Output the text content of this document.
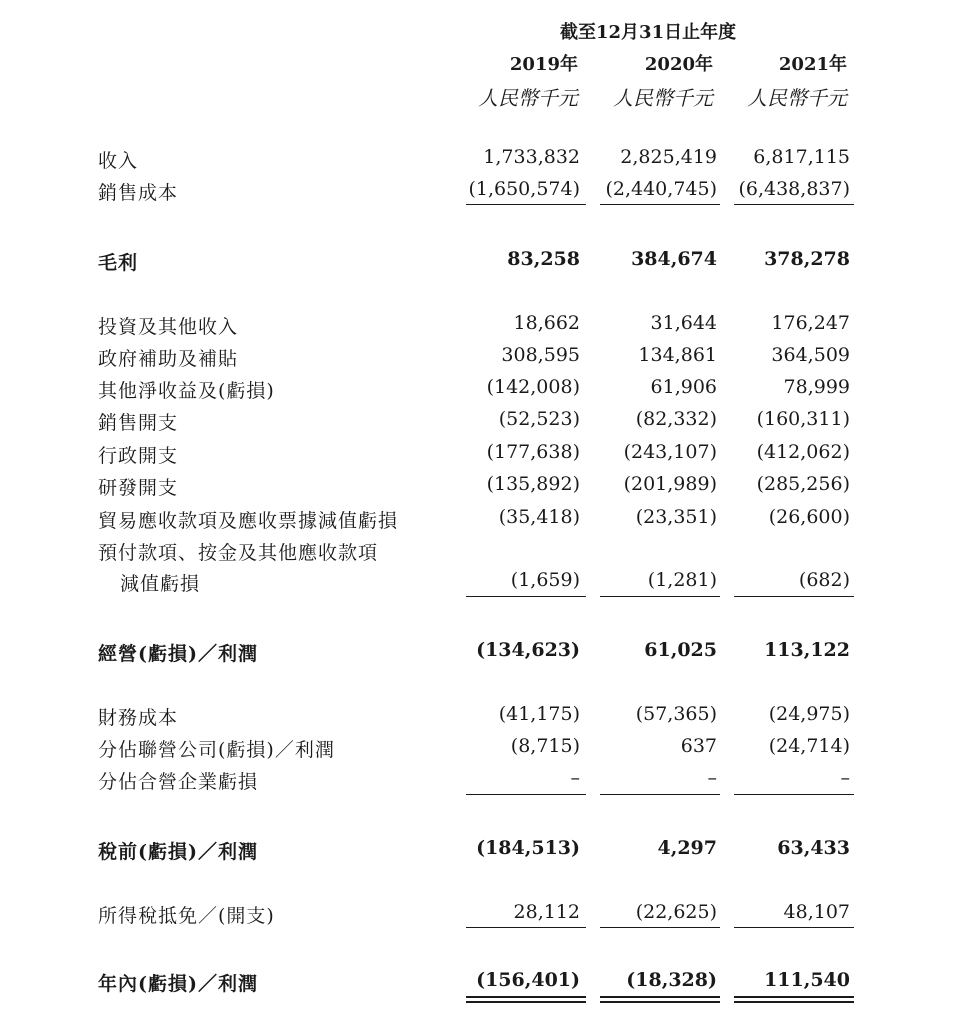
截至12月31日止年度
2019年	2020年	2021年
人民幣千元	人民幣千元	人民幣千元
收入	1,733,832	2,825,419	6,817,115
銷售成本	(1,650,574)	(2,440,745)	(6,438,837)
毛利	83,258	384,674	378,278
投資及其他收入	18,662	31,644	176,247
政府補助及補貼	308,595	134,861	364,509
其他淨收益及(虧損)	(142,008)	61,906	78,999
銷售開支	(52,523)	(82,332)	(160,311)
行政開支	(177,638)	(243,107)	(412,062)
研發開支	(135,892)	(201,989)	(285,256)
貿易應收款項及應收票據減值虧損	(35,418)	(23,351)	(26,600)
預付款項、按金及其他應收款項
減值虧損	(1,659)	(1,281)	(682)
經營(虧損)／利潤	(134,623)	61,025	113,122
財務成本	(41,175)	(57,365)	(24,975)
分佔聯營公司(虧損)／利潤	(8,715)	637	(24,714)
分佔合營企業虧損	–	–	–
稅前(虧損)／利潤	(184,513)	4,297	63,433
所得稅抵免／(開支)	28,112	(22,625)	48,107
年內(虧損)／利潤	(156,401)	(18,328)	111,540
